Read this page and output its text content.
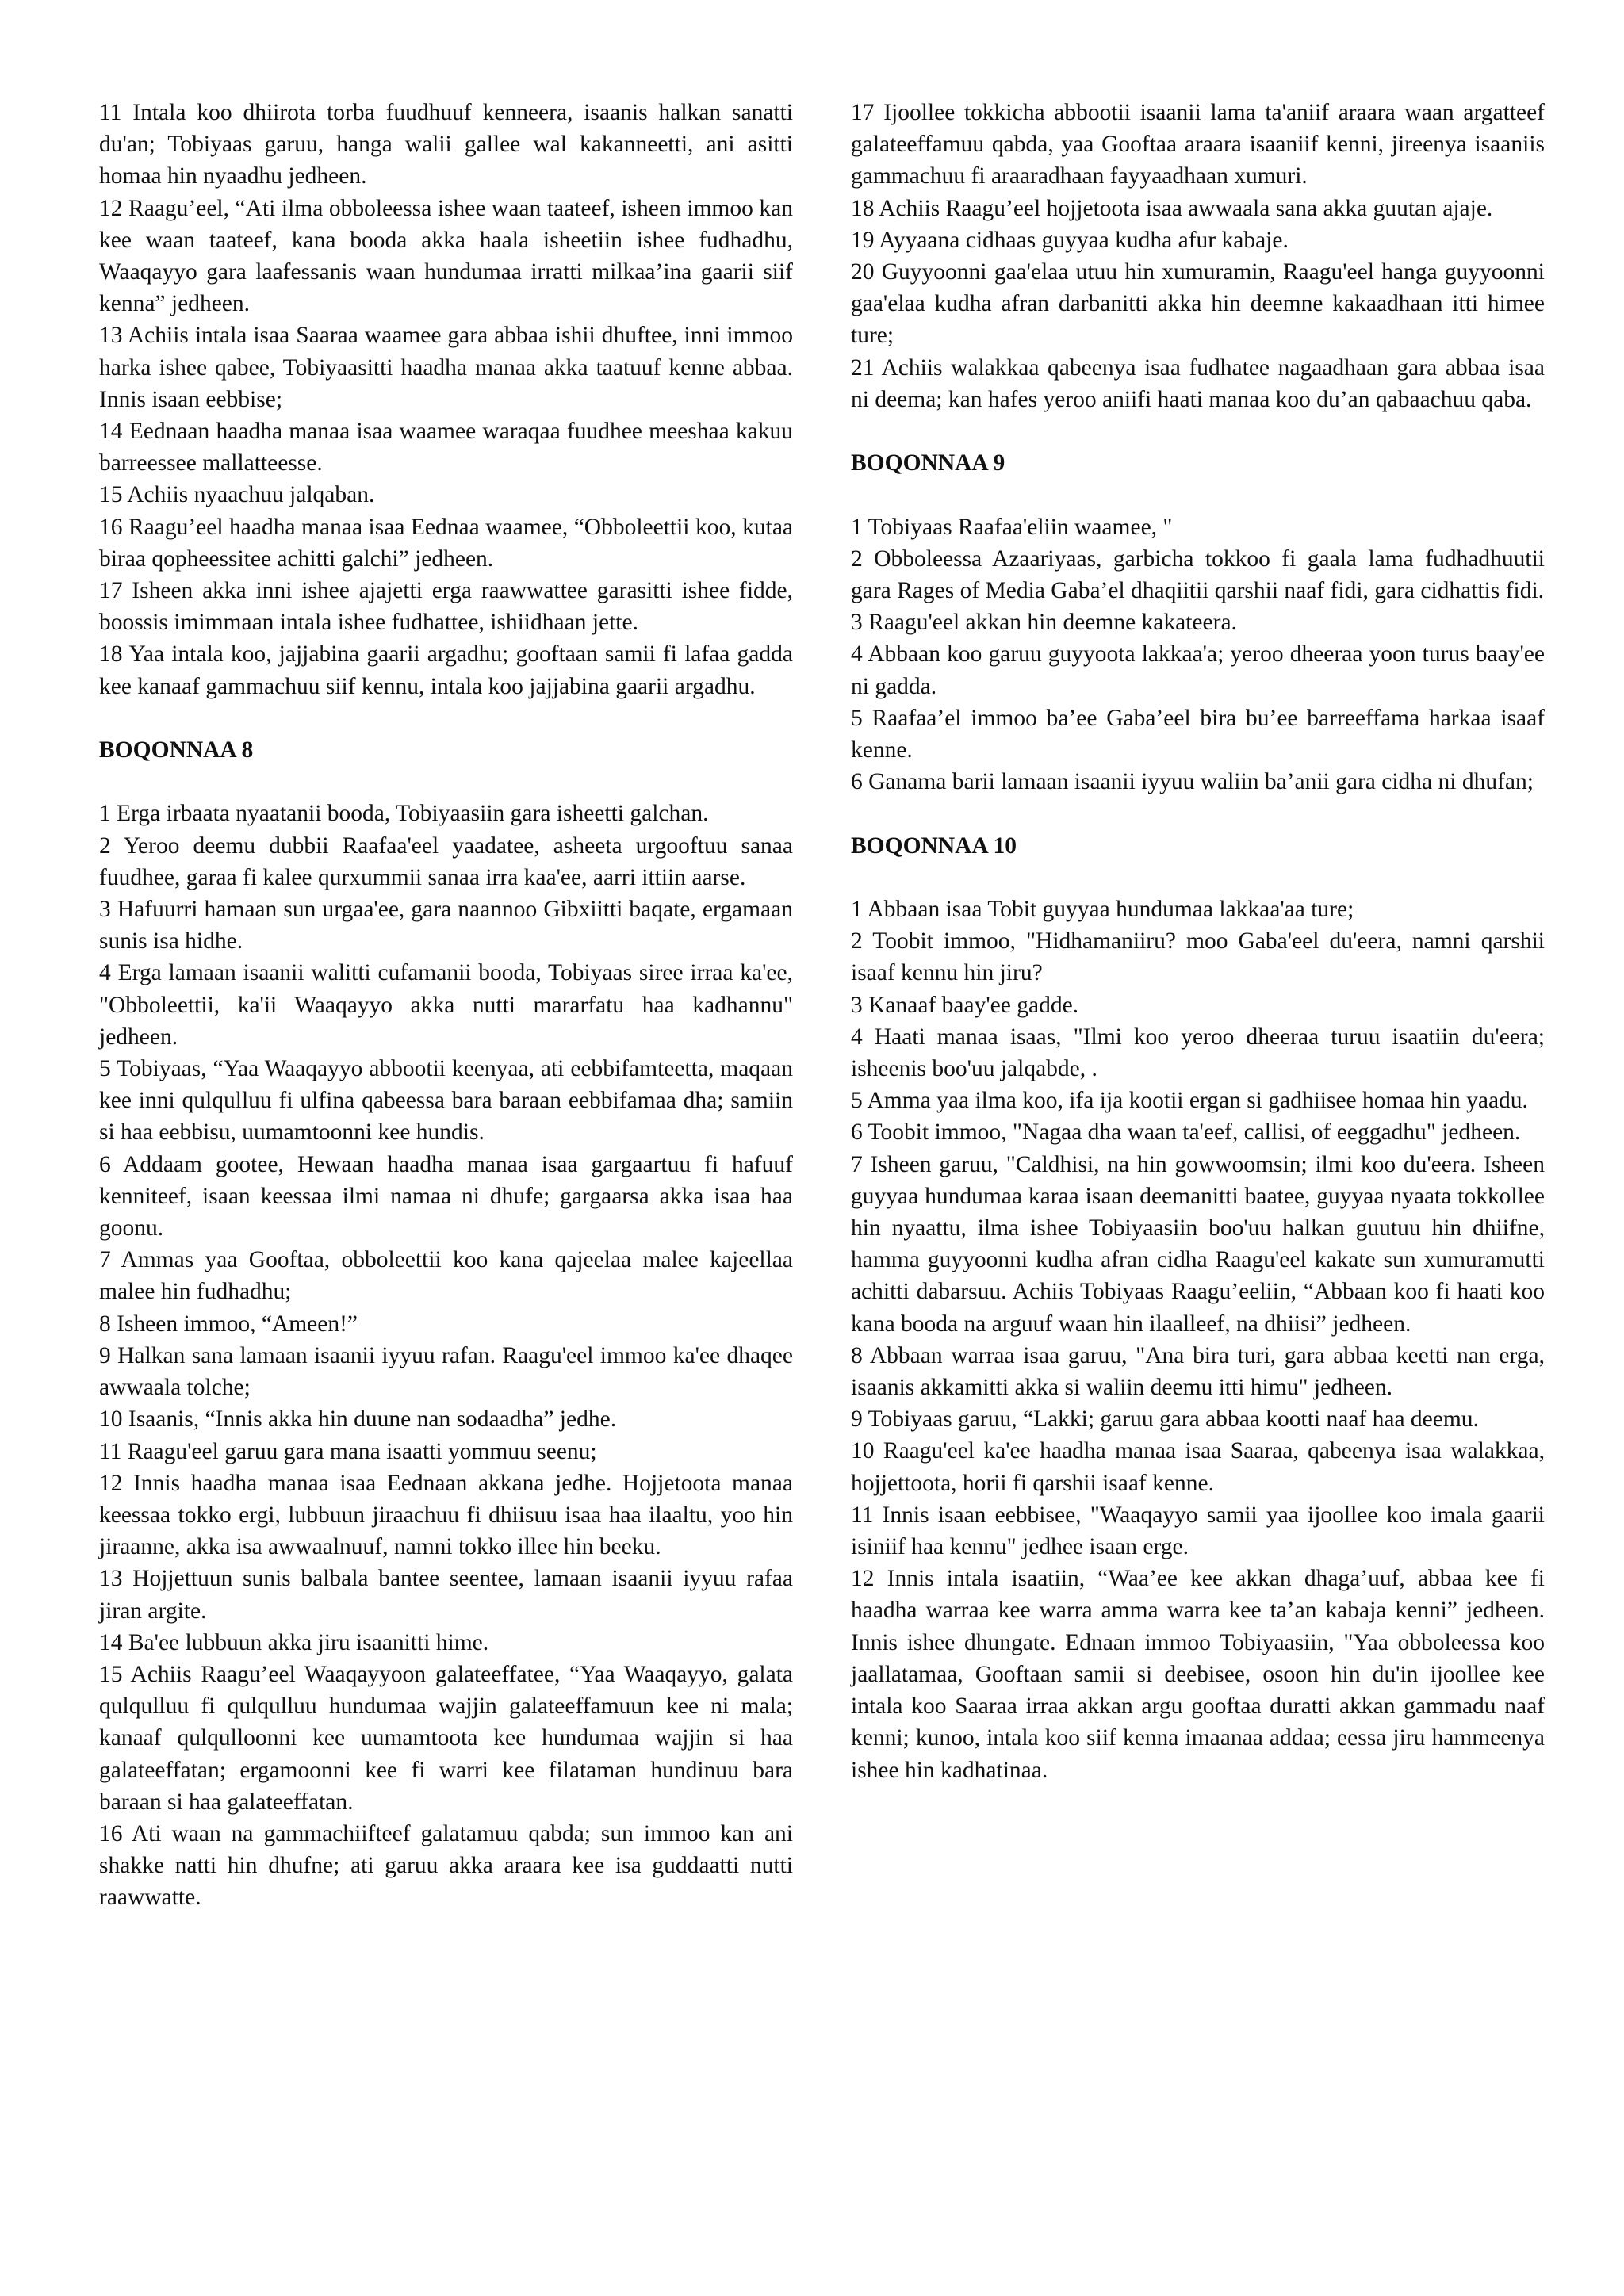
11 Intala koo dhiirota torba fuudhuuf kenneera, isaanis halkan sanatti du'an; Tobiyaas garuu, hanga walii gallee wal kakanneetti, ani asitti homaa hin nyaadhu jedheen.

12 Raagu’eel, “Ati ilma obboleessa ishee waan taateef, isheen immoo kan kee waan taateef, kana booda akka haala isheetiin ishee fudhadhu, Waaqayyo gara laafessanis waan hundumaa irratti milkaa’ina gaarii siif kenna” jedheen.

13 Achiis intala isaa Saaraa waamee gara abbaa ishii dhuftee, inni immoo harka ishee qabee, Tobiyaasitti haadha manaa akka taatuuf kenne abbaa. Innis isaan eebbise;

14 Eednaan haadha manaa isaa waamee waraqaa fuudhee meeshaa kakuu barreessee mallatteesse.

15 Achiis nyaachuu jalqaban.

16 Raagu’eel haadha manaa isaa Eednaa waamee, “Obboleettii koo, kutaa biraa qopheessitee achitti galchi” jedheen.

17 Isheen akka inni ishee ajajetti erga raawwattee garasitti ishee fidde, boossis imimmaan intala ishee fudhattee, ishiidhaan jette.

18 Yaa intala koo, jajjabina gaarii argadhu; gooftaan samii fi lafaa gadda kee kanaaf gammachuu siif kennu, intala koo jajjabina gaarii argadhu.

BOQONNAA 8

1 Erga irbaata nyaatanii booda, Tobiyaasiin gara isheetti galchan.

2 Yeroo deemu dubbii Raafaa'eel yaadatee, asheeta urgooftuu sanaa fuudhee, garaa fi kalee qurxummii sanaa irra kaa'ee, aarri ittiin aarse.

3 Hafuurri hamaan sun urgaa'ee, gara naannoo Gibxiitti baqate, ergamaan sunis isa hidhe.

4 Erga lamaan isaanii walitti cufamanii booda, Tobiyaas siree irraa ka'ee, "Obboleettii, ka'ii Waaqayyo akka nutti mararfatu haa kadhannu" jedheen.

5 Tobiyaas, “Yaa Waaqayyo abbootii keenyaa, ati eebbifamteetta, maqaan kee inni qulqulluu fi ulfina qabeessa bara baraan eebbifamaa dha; samiin si haa eebbisu, uumamtoonni kee hundis.

6 Addaam gootee, Hewaan haadha manaa isaa gargaartuu fi hafuuf kenniteef, isaan keessaa ilmi namaa ni dhufe; gargaarsa akka isaa haa goonu.

7 Ammas yaa Gooftaa, obboleettii koo kana qajeelaa malee kajeellaa malee hin fudhadhu;

8 Isheen immoo, “Ameen!”

9 Halkan sana lamaan isaanii iyyuu rafan. Raagu'eel immoo ka'ee dhaqee awwaala tolche;

10 Isaanis, “Innis akka hin duune nan sodaadha” jedhe.

11 Raagu'eel garuu gara mana isaatti yommuu seenu;

12 Innis haadha manaa isaa Eednaan akkana jedhe. Hojjetoota manaa keessaa tokko ergi, lubbuun jiraachuu fi dhiisuu isaa haa ilaaltu, yoo hin jiraanne, akka isa awwaalnuuf, namni tokko illee hin beeku.

13 Hojjettuun sunis balbala bantee seentee, lamaan isaanii iyyuu rafaa jiran argite.

14 Ba'ee lubbuun akka jiru isaanitti hime.

15 Achiis Raagu’eel Waaqayyoon galateeffatee, “Yaa Waaqayyo, galata qulqulluu fi qulqulluu hundumaa wajjin galateeffamuun kee ni mala; kanaaf qulqulloonni kee uumamtoota kee hundumaa wajjin si haa galateeffatan; ergamoonni kee fi warri kee filataman hundinuu bara baraan si haa galateeffatan.

16 Ati waan na gammachiifteef galatamuu qabda; sun immoo kan ani shakke natti hin dhufne; ati garuu akka araara kee isa guddaatti nutti raawwatte.

17 Ijoollee tokkicha abbootii isaanii lama ta'aniif araara waan argatteef galateeffamuu qabda, yaa Gooftaa araara isaaniif kenni, jireenya isaaniis gammachuu fi araaradhaan fayyaadhaan xumuri.

18 Achiis Raagu’eel hojjetoota isaa awwaala sana akka guutan ajaje.

19 Ayyaana cidhaas guyyaa kudha afur kabaje.

20 Guyyoonni gaa'elaa utuu hin xumuramin, Raagu'eel hanga guyyoonni gaa'elaa kudha afran darbanitti akka hin deemne kakaadhaan itti himee ture;

21 Achiis walakkaa qabeenya isaa fudhatee nagaadhaan gara abbaa isaa ni deema; kan hafes yeroo aniifi haati manaa koo du’an qabaachuu qaba.

BOQONNAA 9

1 Tobiyaas Raafaa'eliin waamee, "

2 Obboleessa Azaariyaas, garbicha tokkoo fi gaala lama fudhadhuutii gara Rages of Media Gaba’el dhaqiitii qarshii naaf fidi, gara cidhattis fidi.

3 Raagu'eel akkan hin deemne kakateera.

4 Abbaan koo garuu guyyoota lakkaa'a; yeroo dheeraa yoon turus baay'ee ni gadda.

5 Raafaa’el immoo ba’ee Gaba’eel bira bu’ee barreeffama harkaa isaaf kenne.

6 Ganama barii lamaan isaanii iyyuu waliin ba’anii gara cidha ni dhufan;

BOQONNAA 10

1 Abbaan isaa Tobit guyyaa hundumaa lakkaa'aa ture;

2 Toobit immoo, "Hidhamaniiru? moo Gaba'eel du'eera, namni qarshii isaaf kennu hin jiru?

3 Kanaaf baay'ee gadde.

4 Haati manaa isaas, "Ilmi koo yeroo dheeraa turuu isaatiin du'eera; isheenis boo'uu jalqabde, .

5 Amma yaa ilma koo, ifa ija kootii ergan si gadhiisee homaa hin yaadu.

6 Toobit immoo, "Nagaa dha waan ta'eef, callisi, of eeggadhu" jedheen.

7 Isheen garuu, "Caldhisi, na hin gowwoomsin; ilmi koo du'eera. Isheen guyyaa hundumaa karaa isaan deemanitti baatee, guyyaa nyaata tokkollee hin nyaattu, ilma ishee Tobiyaasiin boo'uu halkan guutuu hin dhiifne, hamma guyyoonni kudha afran cidha Raagu'eel kakate sun xumuramutti achitti dabarsuu. Achiis Tobiyaas Raagu’eeliin, “Abbaan koo fi haati koo kana booda na arguuf waan hin ilaalleef, na dhiisi” jedheen.

8 Abbaan warraa isaa garuu, "Ana bira turi, gara abbaa keetti nan erga, isaanis akkamitti akka si waliin deemu itti himu" jedheen.

9 Tobiyaas garuu, “Lakki; garuu gara abbaa kootti naaf haa deemu.

10 Raagu'eel ka'ee haadha manaa isaa Saaraa, qabeenya isaa walakkaa, hojjettoota, horii fi qarshii isaaf kenne.

11 Innis isaan eebbisee, "Waaqayyo samii yaa ijoollee koo imala gaarii isiniif haa kennu" jedhee isaan erge.

12 Innis intala isaatiin, “Waa’ee kee akkan dhaga’uuf, abbaa kee fi haadha warraa kee warra amma warra kee ta’an kabaja kenni” jedheen. Innis ishee dhungate. Ednaan immoo Tobiyaasiin, "Yaa obboleessa koo jaallatamaa, Gooftaan samii si deebisee, osoon hin du'in ijoollee kee intala koo Saaraa irraa akkan argu gooftaa duratti akkan gammadu naaf kenni; kunoo, intala koo siif kenna imaanaa addaa; eessa jiru hammeenya ishee hin kadhatinaa.
